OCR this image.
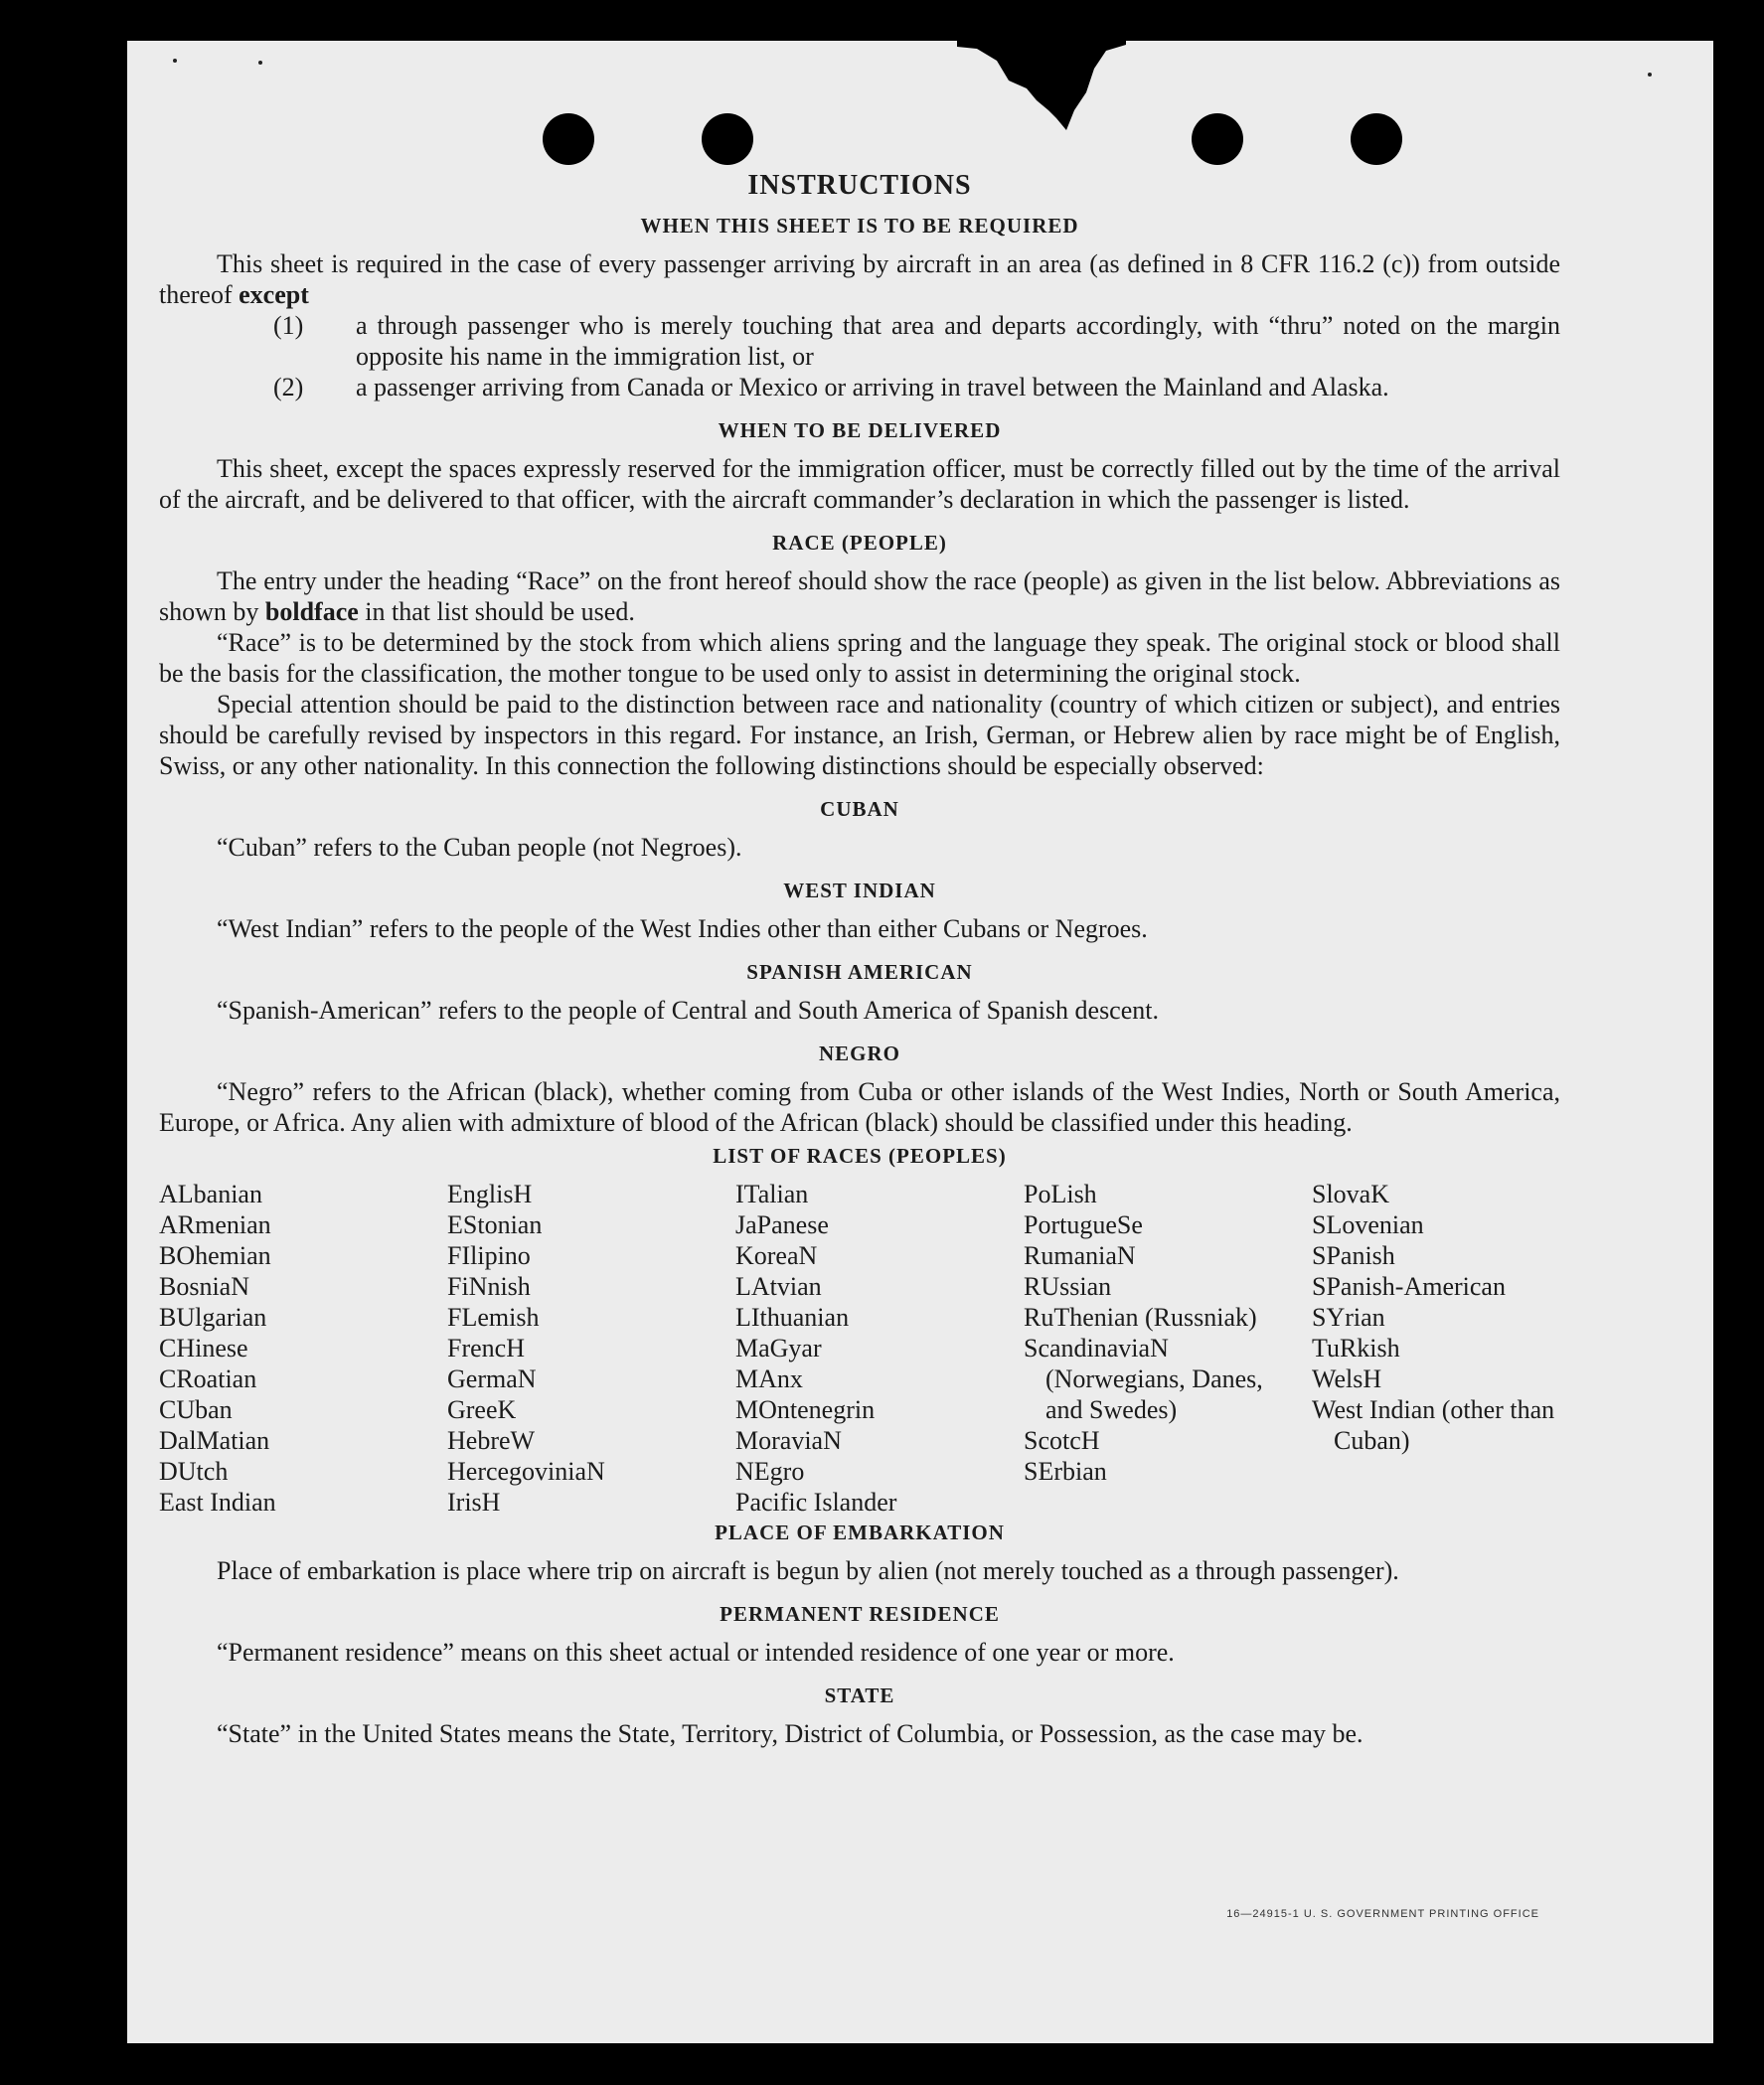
INSTRUCTIONS
WHEN THIS SHEET IS TO BE REQUIRED

This sheet is required in the case of every passenger arriving by aircraft in an area (as defined in 8 CFR 116.2 (c)) from outside thereof except

(1) a through passenger who is merely touching that area and departs accordingly, with “thru” noted on the margin opposite his name in the immigration list, or

(2) a passenger arriving from Canada or Mexico or arriving in travel between the Mainland and Alaska.

WHEN TO BE DELIVERED

This sheet, except the spaces expressly reserved for the immigration officer, must be correctly filled out by the time of the arrival of the aircraft, and be delivered to that officer, with the aircraft commander’s declaration in which the passenger is listed.

RACE (PEOPLE)

The entry under the heading “Race” on the front hereof should show the race (people) as given in the list below. Abbreviations as shown by boldface in that list should be used.

“Race” is to be determined by the stock from which aliens spring and the language they speak. The original stock or blood shall be the basis for the classification, the mother tongue to be used only to assist in determining the original stock.

Special attention should be paid to the distinction between race and nationality (country of which citizen or subject), and entries should be carefully revised by inspectors in this regard. For instance, an Irish, German, or Hebrew alien by race might be of English, Swiss, or any other nationality. In this connection the following distinctions should be especially observed:

CUBAN

“Cuban” refers to the Cuban people (not Negroes).

WEST INDIAN

“West Indian” refers to the people of the West Indies other than either Cubans or Negroes.

SPANISH AMERICAN

“Spanish-American” refers to the people of Central and South America of Spanish descent.

NEGRO

“Negro” refers to the African (black), whether coming from Cuba or other islands of the West Indies, North or South America, Europe, or Africa. Any alien with admixture of blood of the African (black) should be classified under this heading.

LIST OF RACES (PEOPLES)
ALbanian
ARmenian
BOhemian
BosniaN
BUlgarian
CHinese
CRoatian
CUban
DalMatian
DUtch
East Indian
EnglisH
EStonian
FIlipino
FiNnish
FLemish
FrencH
GermaN
GreeK
HebreW
HercegoviniaN
IrisH
ITalian
JaPanese
KoreaN
LAtvian
LIthuanian
MaGyar
MAnx
MOntenegrin
MoraviaN
NEgro
Pacific Islander
PoLish
PortugueSe
RumaniaN
RUssian
RuThenian (Russniak)
ScandinaviaN (Norwegians, Danes, and Swedes)
ScotcH
SErbian
SlovaK
SLovenian
SPanish
SPanish-American
SYrian
TuRkish
WelsH
West Indian (other than Cuban)
PLACE OF EMBARKATION

Place of embarkation is place where trip on aircraft is begun by alien (not merely touched as a through passenger).

PERMANENT RESIDENCE

“Permanent residence” means on this sheet actual or intended residence of one year or more.

STATE

“State” in the United States means the State, Territory, District of Columbia, or Possession, as the case may be.

16—24915-1 U. S. GOVERNMENT PRINTING OFFICE
